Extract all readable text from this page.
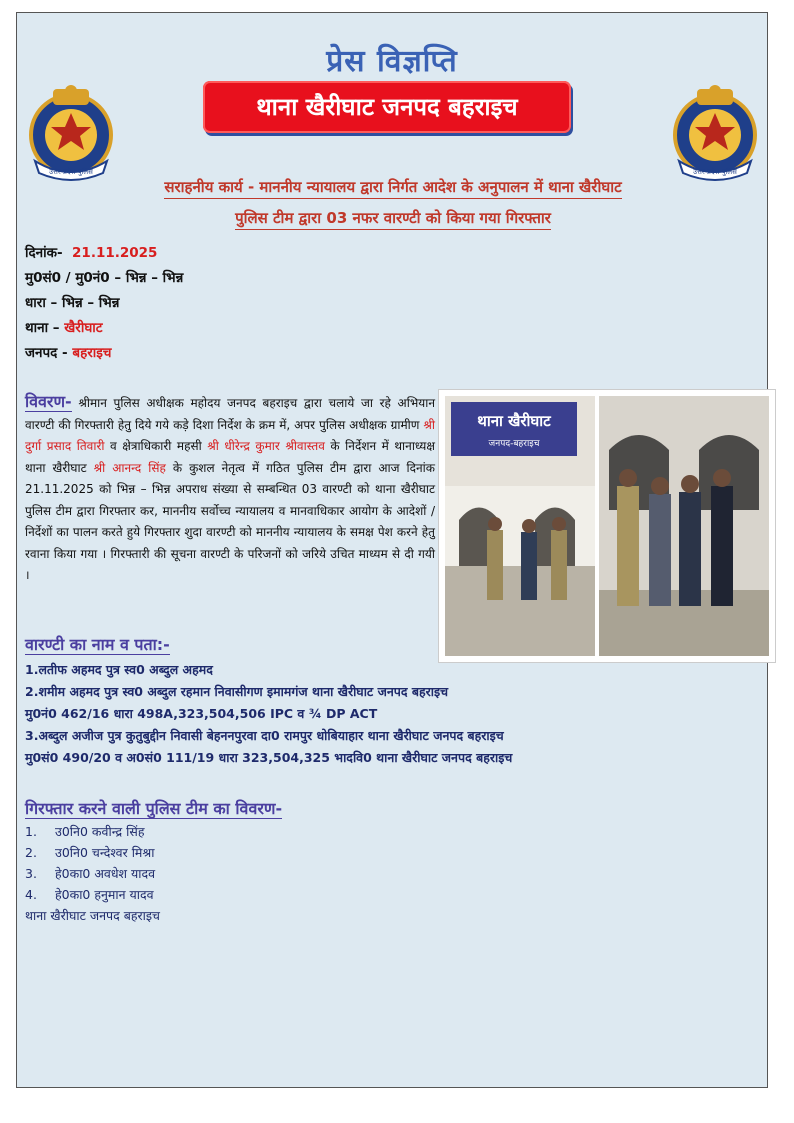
उत्तर प्रदेश पुलिस	उत्तर प्रदेश पुलिस
प्रेस विज्ञप्ति
थाना खैरीघाट जनपद बहराइच
सराहनीय कार्य - माननीय न्यायालय द्वारा निर्गत आदेश के अनुपालन में थाना खैरीघाट
पुलिस टीम द्वारा 03 नफर वारण्टी को किया गया गिरफ्तार
दिनांक- 21.11.2025
मु0सं0 / मु0नं0 – भिन्न – भिन्न
धारा – भिन्न – भिन्न
थाना – खैरीघाट
जनपद - बहराइच
विवरण- श्रीमान पुलिस अधीक्षक महोदय जनपद बहराइच द्वारा चलाये जा रहे अभियान वारण्टी की गिरफ्तारी हेतु दिये गये कड़े दिशा निर्देश के क्रम में, अपर पुलिस अधीक्षक ग्रामीण श्री दुर्गा प्रसाद तिवारी व क्षेत्राधिकारी महसी श्री धीरेन्द्र कुमार श्रीवास्तव के निर्देशन में थानाध्यक्ष थाना खैरीघाट श्री आनन्द सिंह के कुशल नेतृत्व में गठित पुलिस टीम द्वारा आज दिनांक 21.11.2025 को भिन्न – भिन्न अपराध संख्या से सम्बन्धित 03 वारण्टी को थाना खैरीघाट पुलिस टीम द्वारा गिरफ्तार कर, माननीय सर्वोच्च न्यायालय व मानवाधिकार आयोग के आदेशों / निर्देशों का पालन करते हुये गिरफ्तार शुदा वारण्टी को माननीय न्यायालय के समक्ष पेश करने हेतु रवाना किया गया । गिरफ्तारी की सूचना वारण्टी के परिजनों को जरिये उचित माध्यम से दी गयी ।
थाना खैरीघाट
जनपद-बहराइच
वारण्टी का नाम व पता:-
1.लतीफ अहमद पुत्र स्व0 अब्दुल अहमद
2.शमीम अहमद पुत्र स्व0 अब्दुल रहमान निवासीगण इमामगंज थाना खैरीघाट जनपद बहराइच
मु0नं0 462/16 धारा 498A,323,504,506 IPC व ¾ DP ACT
3.अब्दुल अजीज पुत्र कुतुबुद्दीन निवासी बेहननपुरवा दा0 रामपुर धोबियाहार थाना खैरीघाट जनपद बहराइच
मु0सं0 490/20 व अ0सं0 111/19 धारा 323,504,325 भादवि0 थाना खैरीघाट जनपद बहराइच
गिरफ्तार करने वाली पुलिस टीम का विवरण-
1. उ0नि0 कवीन्द्र सिंह
2. उ0नि0 चन्देश्वर मिश्रा
3. हे0का0 अवधेश यादव
4. हे0का0 हनुमान यादव
थाना खैरीघाट जनपद बहराइच
